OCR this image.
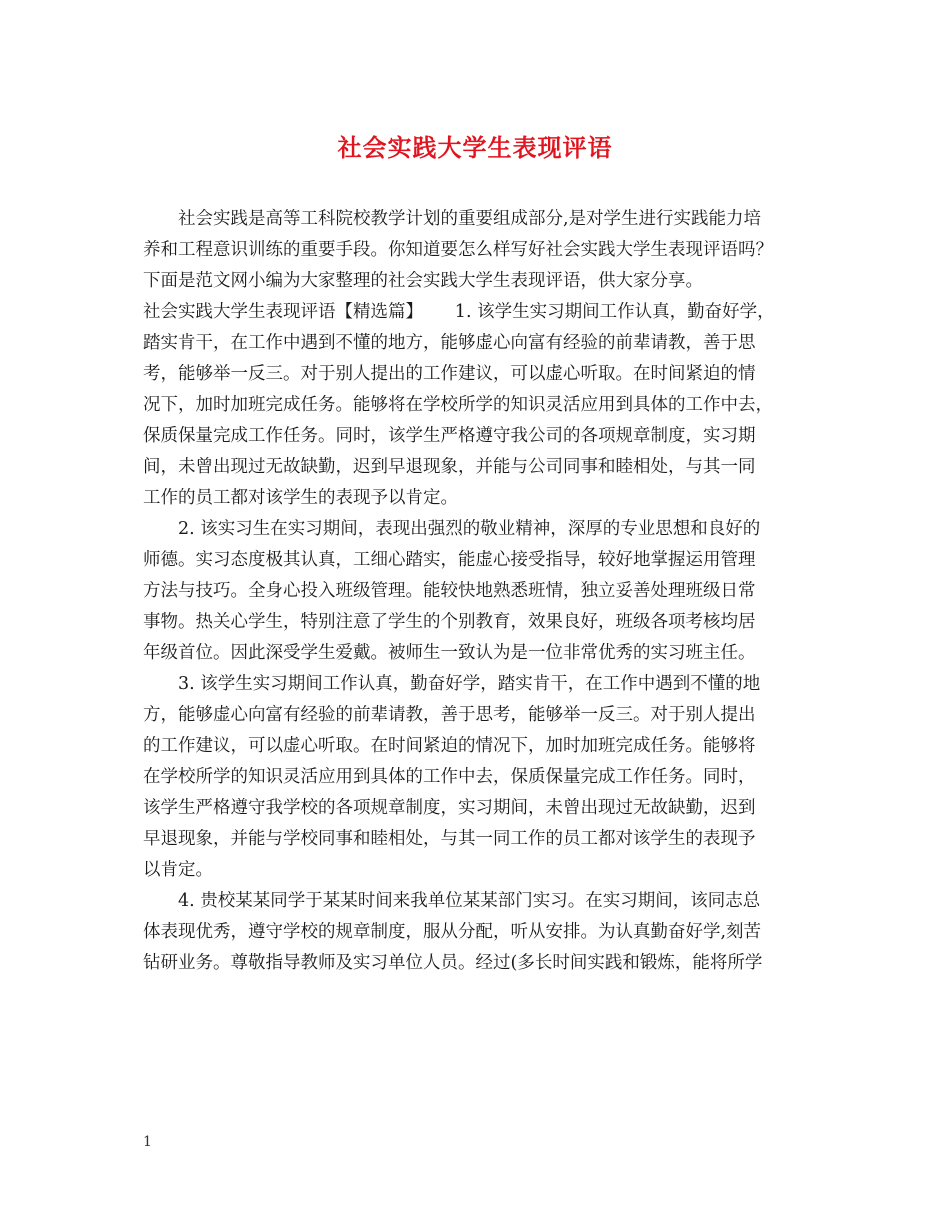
社会实践大学生表现评语
　　社会实践是高等工科院校教学计划的重要组成部分,是对学生进行实践能力培
养和工程意识训练的重要手段。你知道要怎么样写好社会实践大学生表现评语吗？
下面是范文网小编为大家整理的社会实践大学生表现评语，供大家分享。
社会实践大学生表现评语【精选篇】　　 1. 该学生实习期间工作认真，勤奋好学，
踏实肯干，在工作中遇到不懂的地方，能够虚心向富有经验的前辈请教，善于思
考，能够举一反三。对于别人提出的工作建议，可以虚心听取。在时间紧迫的情
况下，加时加班完成任务。能够将在学校所学的知识灵活应用到具体的工作中去，
保质保量完成工作任务。同时，该学生严格遵守我公司的各项规章制度，实习期
间，未曾出现过无故缺勤，迟到早退现象，并能与公司同事和睦相处，与其一同
工作的员工都对该学生的表现予以肯定。
　　2. 该实习生在实习期间，表现出强烈的敬业精神，深厚的专业思想和良好的
师德。实习态度极其认真，工细心踏实，能虚心接受指导，较好地掌握运用管理
方法与技巧。全身心投入班级管理。能较快地熟悉班情，独立妥善处理班级日常
事物。热关心学生，特别注意了学生的个别教育，效果良好，班级各项考核均居
年级首位。因此深受学生爱戴。被师生一致认为是一位非常优秀的实习班主任。
　　3. 该学生实习期间工作认真，勤奋好学，踏实肯干，在工作中遇到不懂的地
方，能够虚心向富有经验的前辈请教，善于思考，能够举一反三。对于别人提出
的工作建议，可以虚心听取。在时间紧迫的情况下，加时加班完成任务。能够将
在学校所学的知识灵活应用到具体的工作中去，保质保量完成工作任务。同时，
该学生严格遵守我学校的各项规章制度，实习期间，未曾出现过无故缺勤，迟到
早退现象，并能与学校同事和睦相处，与其一同工作的员工都对该学生的表现予
以肯定。
　　4. 贵校某某同学于某某时间来我单位某某部门实习。在实习期间，该同志总
体表现优秀，遵守学校的规章制度，服从分配，听从安排。为认真勤奋好学,刻苦
钻研业务。尊敬指导教师及实习单位人员。经过(多长时间实践和锻炼，能将所学
1
